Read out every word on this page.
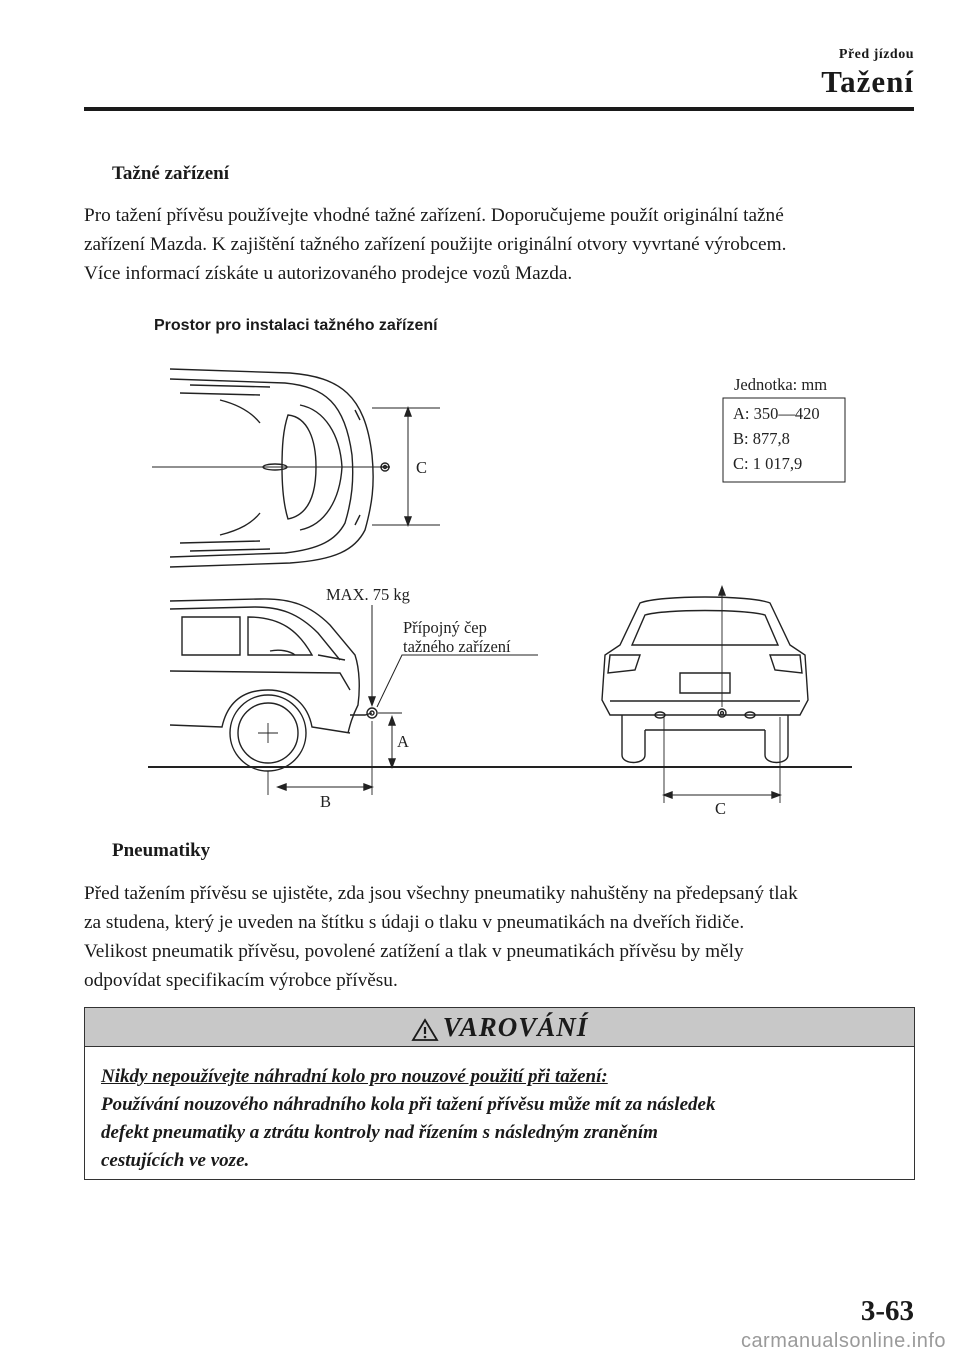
Před jízdou
Tažení
Tažné zařízení

Pro tažení přívěsu používejte vhodné tažné zařízení. Doporučujeme použít originální tažné
zařízení Mazda. K zajištění tažného zařízení použijte originální otvory vyvrtané výrobcem.
Více informací získáte u autorizovaného prodejce vozů Mazda.

Prostor pro instalaci tažného zařízení
C
Jednotka: mm
A: 350—420
B: 877,8
C: 1 017,9
MAX. 75 kg
Přípojný čep
tažného zařízení
A
B	C
Pneumatiky

Před tažením přívěsu se ujistěte, zda jsou všechny pneumatiky nahuštěny na předepsaný tlak
za studena, který je uveden na štítku s údaji o tlaku v pneumatikách na dveřích řidiče.
Velikost pneumatik přívěsu, povolené zatížení a tlak v pneumatikách přívěsu by měly
odpovídat specifikacím výrobce přívěsu.

VAROVÁNÍ
Nikdy nepoužívejte náhradní kolo pro nouzové použití při tažení:
Používání nouzového náhradního kola při tažení přívěsu může mít za následek
defekt pneumatiky a ztrátu kontroly nad řízením s následným zraněním
cestujících ve voze.
3-63
carmanualsonline.info
